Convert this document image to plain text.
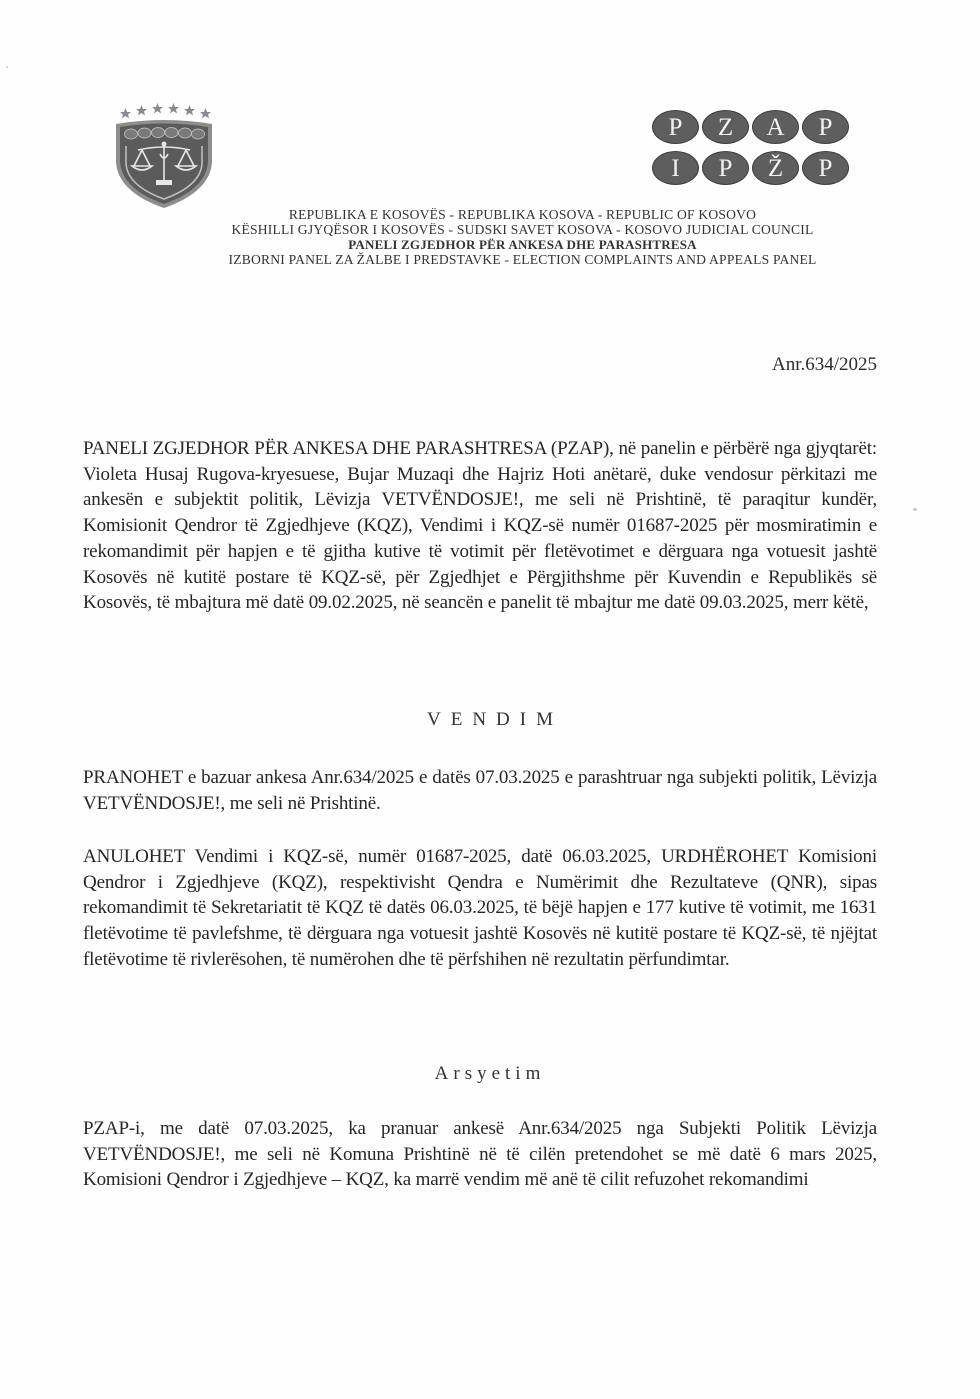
P	Z	A	P
I	P	Ž	P
REPUBLIKA E KOSOVËS - REPUBLIKA KOSOVA - REPUBLIC OF KOSOVO
KËSHILLI GJYQËSOR I KOSOVËS - SUDSKI SAVET KOSOVA - KOSOVO JUDICIAL COUNCIL
PANELI ZGJEDHOR PËR ANKESA DHE PARASHTRESA
IZBORNI PANEL ZA ŽALBE I PREDSTAVKE - ELECTION COMPLAINTS AND APPEALS PANEL
Anr.634/2025
PANELI ZGJEDHOR PËR ANKESA DHE PARASHTRESA (PZAP), në panelin e përbërë nga gjyqtarët: Violeta Husaj Rugova-kryesuese, Bujar Muzaqi dhe Hajriz Hoti anëtarë, duke vendosur përkitazi me ankesën e subjektit politik, Lëvizja VETVËNDOSJE!, me seli në Prishtinë, të paraqitur kundër, Komisionit Qendror të Zgjedhjeve (KQZ), Vendimi i KQZ-së numër 01687-2025 për mosmiratimin e rekomandimit për hapjen e të gjitha kutive të votimit për fletëvotimet e dërguara nga votuesit jashtë Kosovës në kutitë postare të KQZ-së, për Zgjedhjet e Përgjithshme për Kuvendin e Republikës së Kosovës, të mbajtura më datë 09.02.2025, në seancën e panelit të mbajtur me datë 09.03.2025, merr këtë,
VENDIM
PRANOHET e bazuar ankesa Anr.634/2025 e datës 07.03.2025 e parashtruar nga subjekti politik, Lëvizja VETVËNDOSJE!, me seli në Prishtinë.
ANULOHET Vendimi i KQZ-së, numër 01687-2025, datë 06.03.2025, URDHËROHET Komisioni Qendror i Zgjedhjeve (KQZ), respektivisht Qendra e Numërimit dhe Rezultateve (QNR), sipas rekomandimit të Sekretariatit të KQZ të datës 06.03.2025, të bëjë hapjen e 177 kutive të votimit, me 1631 fletëvotime të pavlefshme, të dërguara nga votuesit jashtë Kosovës në kutitë postare të KQZ-së, të njëjtat fletëvotime të rivlerësohen, të numërohen dhe të përfshihen në rezultatin përfundimtar.
Arsyetim
PZAP-i, me datë 07.03.2025, ka pranuar ankesë Anr.634/2025 nga Subjekti Politik Lëvizja VETVËNDOSJE!, me seli në Komuna Prishtinë në të cilën pretendohet se më datë 6 mars 2025, Komisioni Qendror i Zgjedhjeve – KQZ, ka marrë vendim më anë të cilit refuzohet rekomandimi
